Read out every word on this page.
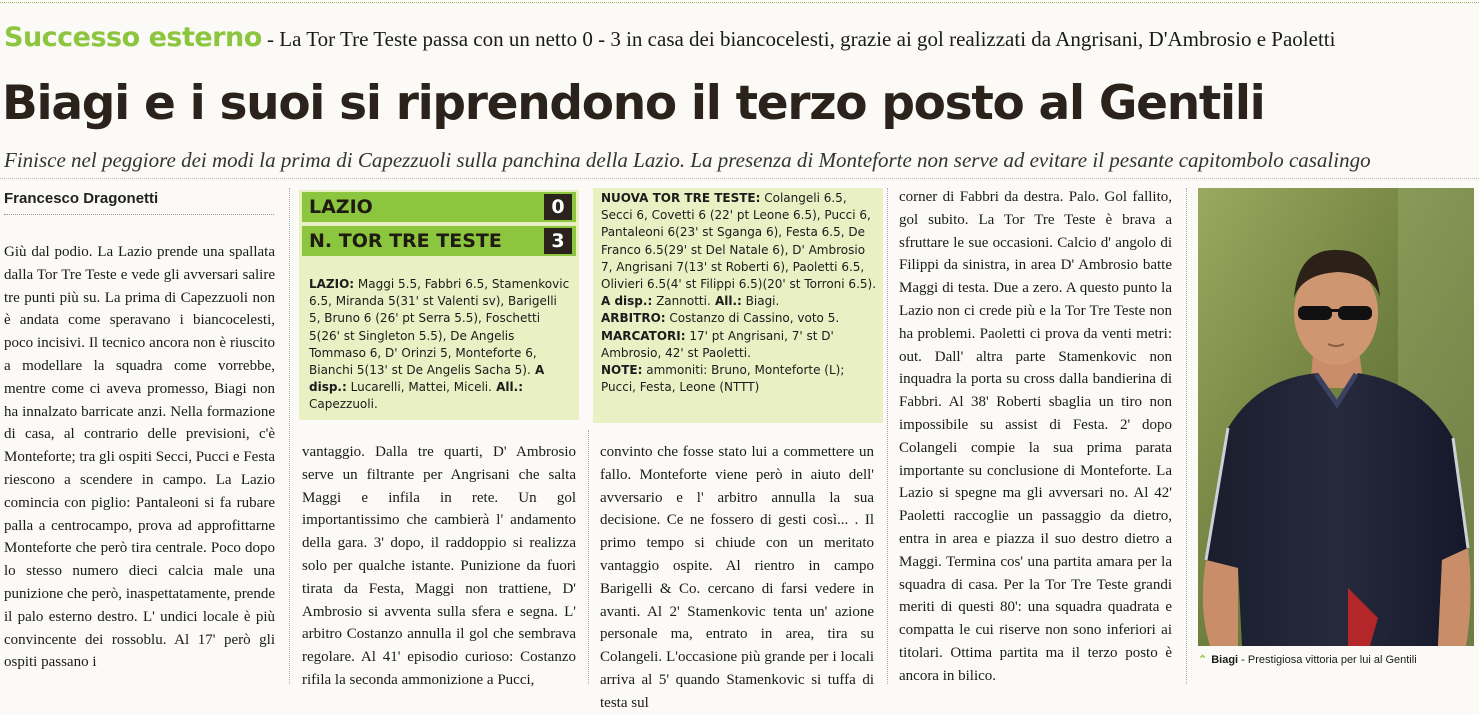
Successo esterno - La Tor Tre Teste passa con un netto 0 - 3 in casa dei biancocelesti, grazie ai gol realizzati da Angrisani, D'Ambrosio e Paoletti
Biagi e i suoi si riprendono il terzo posto al Gentili
Finisce nel peggiore dei modi la prima di Capezzuoli sulla panchina della Lazio. La presenza di Monteforte non serve ad evitare il pesante capitombolo casalingo
Francesco Dragonetti

Giù dal podio. La Lazio prende una spallata dalla Tor Tre Teste e vede gli avversari salire tre punti più su. La prima di Capezzuoli non è andata come speravano i biancocelesti, poco incisivi. Il tecnico ancora non è riuscito a modellare la squadra come vorrebbe, mentre come ci aveva promesso, Biagi non ha innalzato barricate anzi. Nella formazione di casa, al contrario delle previsioni, c'è Monteforte; tra gli ospiti Secci, Pucci e Festa riescono a scendere in campo. La Lazio comincia con piglio: Pantaleoni si fa rubare palla a centrocampo, prova ad approfittarne Monteforte che però tira centrale. Poco dopo lo stesso numero dieci calcia male una punizione che però, inaspettatamente, prende il palo esterno destro. L' undici locale è più convincente dei rossoblu. Al 17' però gli ospiti passano i

LAZIO	0
N. TOR TRE TESTE	3
LAZIO: Maggi 5.5, Fabbri 6.5, Stamenkovic 6.5, Miranda 5(31' st Valenti sv), Barigelli 5, Bruno 6 (26' pt Serra 5.5), Foschetti 5(26' st Singleton 5.5), De Angelis Tommaso 6, D' Orinzi 5, Monteforte 6, Bianchi 5(13' st De Angelis Sacha 5). A disp.: Lucarelli, Mattei, Miceli. All.: Capezzuoli.

NUOVA TOR TRE TESTE: Colangeli 6.5, Secci 6, Covetti 6 (22' pt Leone 6.5), Pucci 6, Pantaleoni 6(23' st Sganga 6), Festa 6.5, De Franco 6.5(29' st Del Natale 6), D' Ambrosio 7, Angrisani 7(13' st Roberti 6), Paoletti 6.5, Olivieri 6.5(4' st Filippi 6.5)(20' st Torroni 6.5). A disp.: Zannotti. All.: Biagi.

ARBITRO: Costanzo di Cassino, voto 5.

MARCATORI: 17' pt Angrisani, 7' st D' Ambrosio, 42' st Paoletti.

NOTE: ammoniti: Bruno, Monteforte (L); Pucci, Festa, Leone (NTTT)

vantaggio. Dalla tre quarti, D' Ambrosio serve un filtrante per Angrisani che salta Maggi e infila in rete. Un gol importantissimo che cambierà l' andamento della gara. 3' dopo, il raddoppio si realizza solo per qualche istante. Punizione da fuori tirata da Festa, Maggi non trattiene, D' Ambrosio si avventa sulla sfera e segna. L' arbitro Costanzo annulla il gol che sembrava regolare. Al 41' episodio curioso: Costanzo rifila la seconda ammonizione a Pucci,

convinto che fosse stato lui a commettere un fallo. Monteforte viene però in aiuto dell' avversario e l' arbitro annulla la sua decisione. Ce ne fossero di gesti così... . Il primo tempo si chiude con un meritato vantaggio ospite. Al rientro in campo Barigelli & Co. cercano di farsi vedere in avanti. Al 2' Stamenkovic tenta un' azione personale ma, entrato in area, tira su Colangeli. L'occasione più grande per i locali arriva al 5' quando Stamenkovic si tuffa di testa sul

corner di Fabbri da destra. Palo. Gol fallito, gol subito. La Tor Tre Teste è brava a sfruttare le sue occasioni. Calcio d' angolo di Filippi da sinistra, in area D' Ambrosio batte Maggi di testa. Due a zero. A questo punto la Lazio non ci crede più e la Tor Tre Teste non ha problemi. Paoletti ci prova da venti metri: out. Dall' altra parte Stamenkovic non inquadra la porta su cross dalla bandierina di Fabbri. Al 38' Roberti sbaglia un tiro non impossibile su assist di Festa. 2' dopo Colangeli compie la sua prima parata importante su conclusione di Monteforte. La Lazio si spegne ma gli avversari no. Al 42' Paoletti raccoglie un passaggio da dietro, entra in area e piazza il suo destro dietro a Maggi. Termina cos' una partita amara per la squadra di casa. Per la Tor Tre Teste grandi meriti di questi 80': una squadra quadrata e compatta le cui riserve non sono inferiori ai titolari. Ottima partita ma il terzo posto è ancora in bilico.

⌃ Biagi - Prestigiosa vittoria per lui al Gentili
